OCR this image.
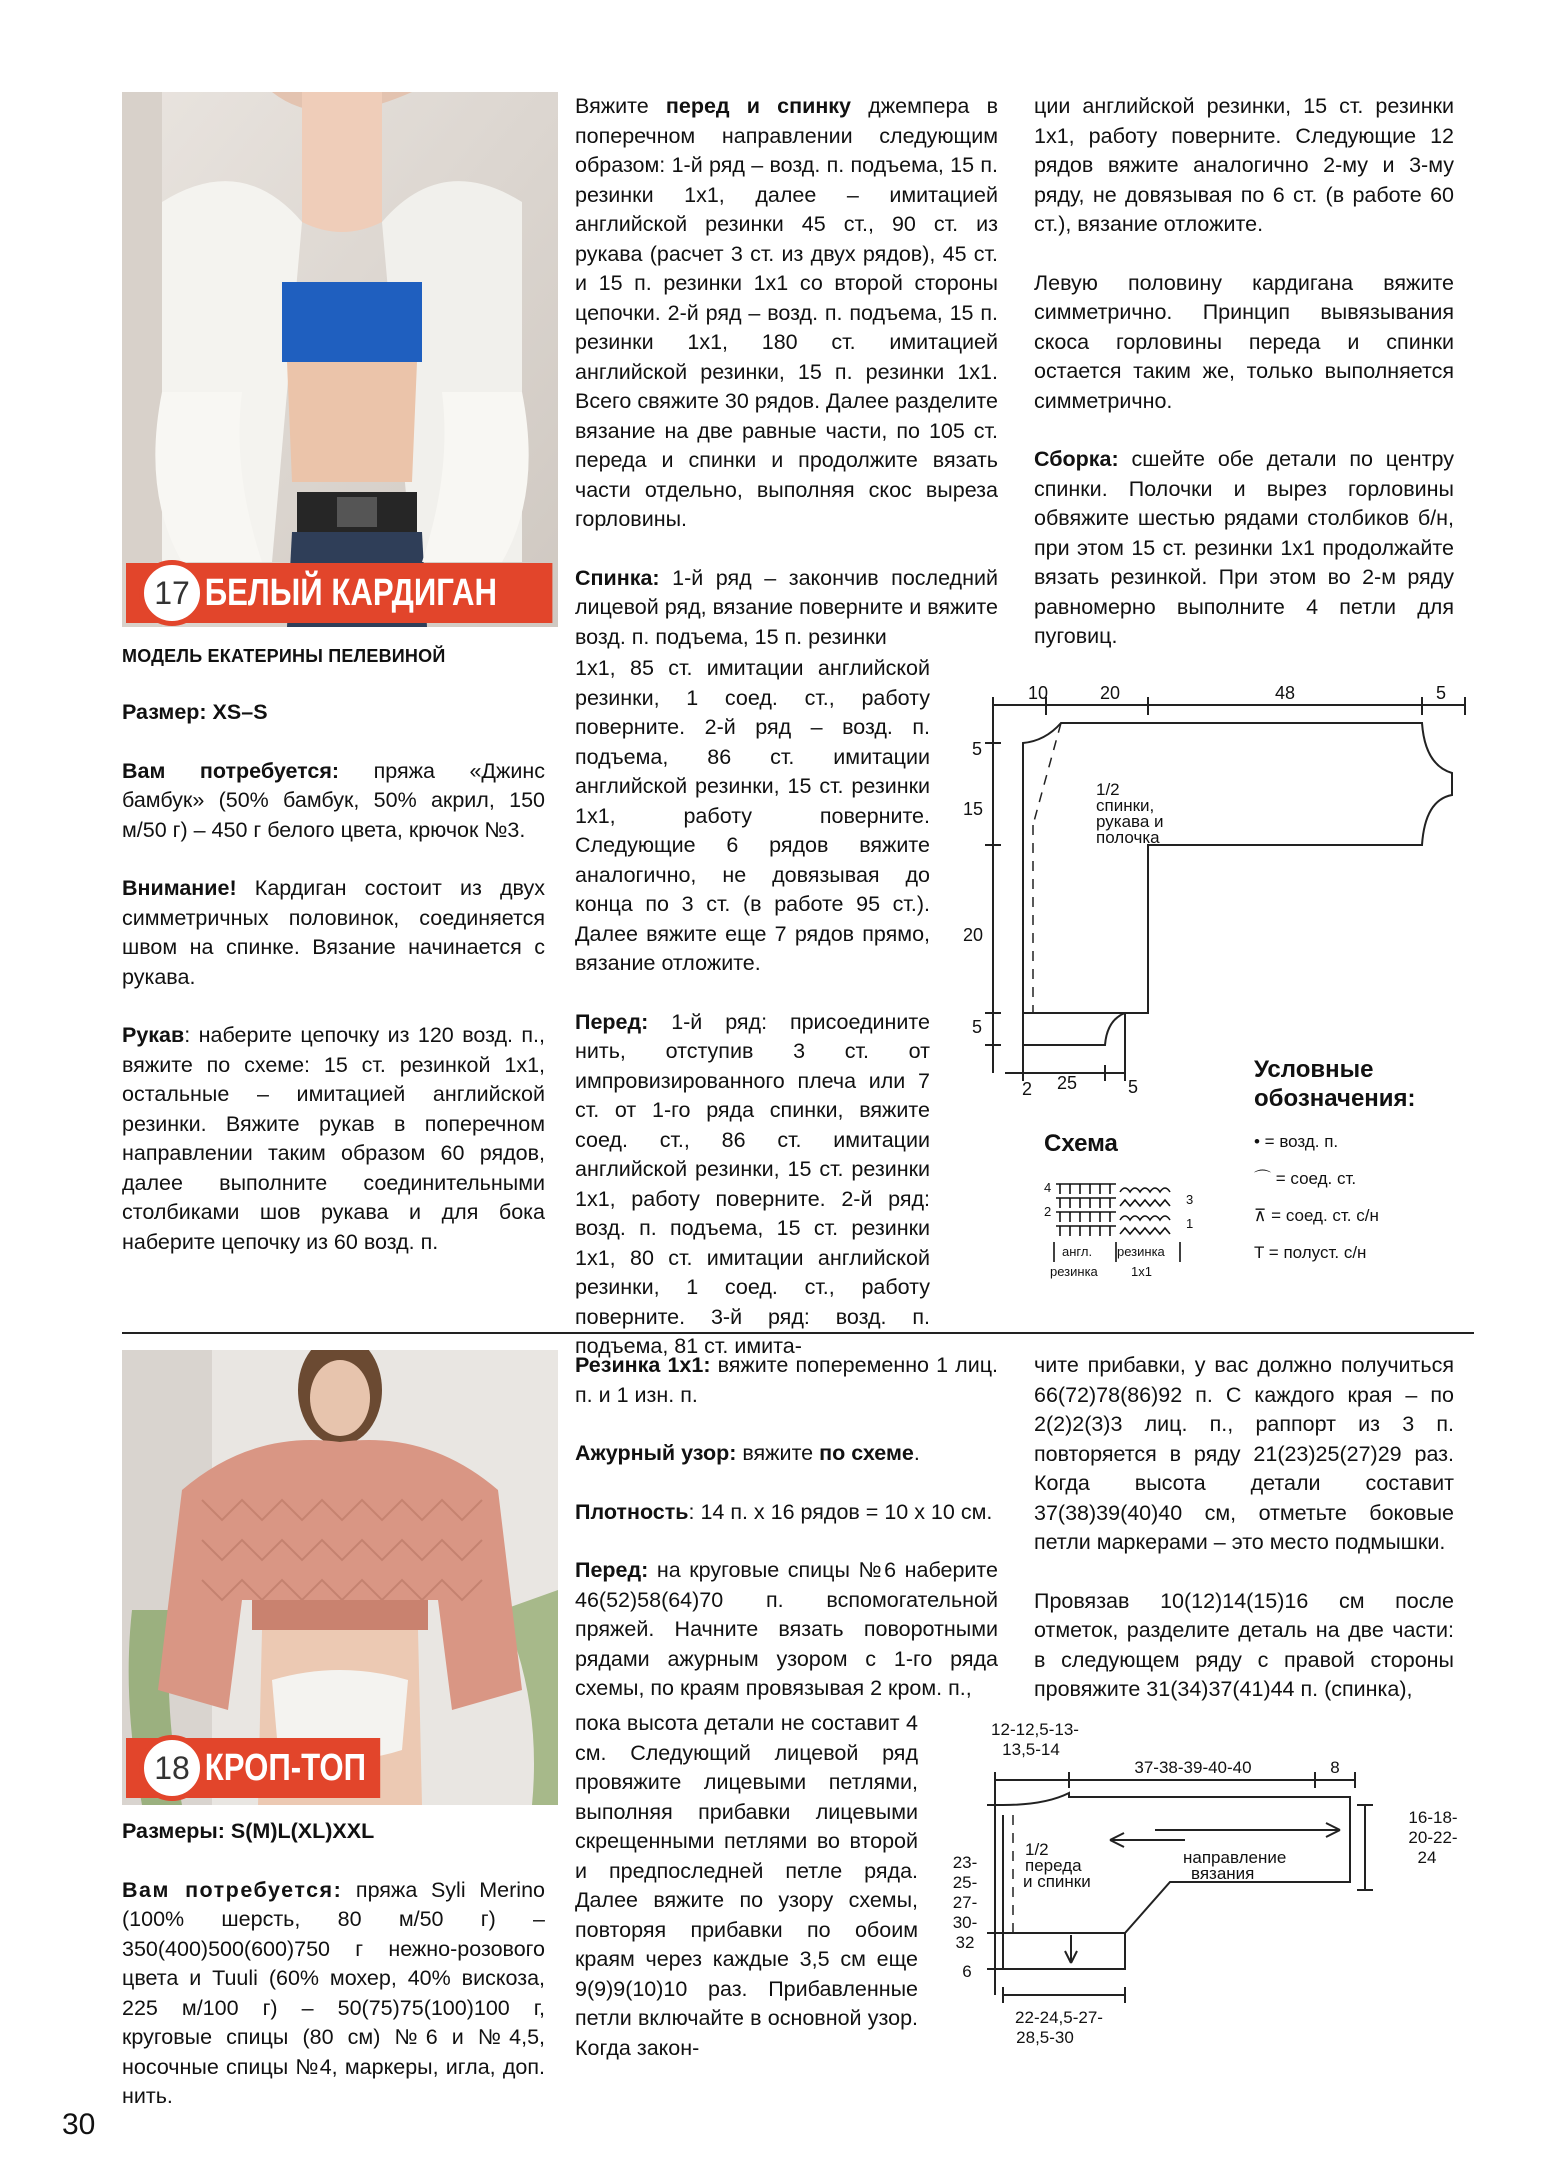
БЕЛЫЙ КАРДИГАН
17
МОДЕЛЬ ЕКАТЕРИНЫ ПЕЛЕВИНОЙ

Размер: XS–S

Вам потребуется: пряжа «Джинс бамбук» (50% бамбук, 50% акрил, 150 м/50 г) – 450 г белого цвета, крючок №3.

Внимание! Кардиган состоит из двух симметричных половинок, соединяется швом на спинке. Вязание начинается с рукава.

Рукав: наберите цепочку из 120 возд. п., вяжите по схеме: 15 ст. резинкой 1х1, остальные – имитацией английской резинки. Вяжите рукав в поперечном направлении таким образом 60 рядов, далее выполните соединительными столбиками шов рукава и для бока наберите цепочку из 60 возд. п.

Вяжите перед и спинку джемпера в поперечном направлении следующим образом: 1-й ряд – возд. п. подъема, 15 п. резинки 1х1, далее – имитацией английской резинки 45 ст., 90 ст. из рукава (расчет 3 ст. из двух рядов), 45 ст. и 15 п. резинки 1х1 со второй стороны цепочки. 2-й ряд – возд. п. подъема, 15 п. резинки 1х1, 180 ст. имитацией английской резинки, 15 п. резинки 1х1. Всего свяжите 30 рядов. Далее разделите вязание на две равные части, по 105 ст. переда и спинки и продолжите вязать части отдельно, выполняя скос выреза горловины.

Спинка: 1-й ряд – закончив последний лицевой ряд, вязание поверните и вяжите возд. п. подъема, 15 п. резинки

1х1, 85 ст. имитации английской резинки, 1 соед. ст., работу поверните. 2-й ряд – возд. п. подъема, 86 ст. имитации английской резинки, 15 ст. резинки 1х1, работу поверните. Следующие 6 рядов вяжите аналогично, не довязывая до конца по 3 ст. (в работе 95 ст.). Далее вяжите еще 7 рядов прямо, вязание отложите.

Перед: 1-й ряд: присоедините нить, отступив 3 ст. от импровизированного плеча или 7 ст. от 1-го ряда спинки, вяжите соед. ст., 86 ст. имитации английской резинки, 15 ст. резинки 1х1, работу поверните. 2-й ряд: возд. п. подъема, 15 ст. резинки 1х1, 80 ст. имитации английской резинки, 1 соед. ст., работу поверните. 3-й ряд: возд. п. подъема, 81 ст. имита-

ции английской резинки, 15 ст. резинки 1х1, работу поверните. Следующие 12 рядов вяжите аналогично 2-му и 3-му ряду, не довязывая по 6 ст. (в работе 60 ст.), вязание отложите.

Левую половину кардигана вяжите симметрично. Принцип вывязывания скоса горловины переда и спинки остается таким же, только выполняется симметрично.

Сборка: сшейте обе детали по центру спинки. Полочки и вырез горловины обвяжите шестью рядами столбиков б/н, при этом 15 ст. резинки 1х1 продолжайте вязать резинкой. При этом во 2-м ряду равномерно выполните 4 петли для пуговиц.

10	20	48	5
5
15
20
5
2 25	5
1/2
спинки,
рукава и
полочка
Условные
обозначения:
• = возд. п.
⌒ = соед. ст.
⊼ = соед. ст. с/н
T = полуст. с/н
Схема
4
3
2
1
англ. резинка
резинка	1х1
КРОП-ТОП
18

Размеры: S(M)L(XL)XXL

Вам потребуется: пряжа Syli Merino (100% шерсть, 80 м/50 г) – 350(400)500(600)750 г нежно-розового цвета и Tuuli (60% мохер, 40% вискоза, 225 м/100 г) – 50(75)75(100)100 г, круговые спицы (80 см) №6 и №4,5, носочные спицы №4, маркеры, игла, доп. нить.

Резинка 1х1: вяжите попеременно 1 лиц. п. и 1 изн. п.

Ажурный узор: вяжите по схеме.

Плотность: 14 п. х 16 рядов = 10 х 10 см.

Перед: на круговые спицы №6 наберите 46(52)58(64)70 п. вспомогательной пряжей. Начните вязать поворотными рядами ажурным узором с 1-го ряда схемы, по краям провязывая 2 кром. п.,

пока высота детали не составит 4 см. Следующий лицевой ряд провяжите лицевыми петлями, выполняя прибавки лицевыми скрещенными петлями во второй и предпоследней петле ряда. Далее вяжите по узору схемы, повторяя прибавки по обоим краям через каждые 3,5 см еще 9(9)9(10)10 раз. Прибавленные петли включайте в основной узор. Когда закон-

чите прибавки, у вас должно получиться 66(72)78(86)92 п. С каждого края – по 2(2)2(3)3 лиц. п., раппорт из 3 п. повторяется в ряду 21(23)25(27)29 раз. Когда высота детали составит 37(38)39(40)40 см, отметьте боковые петли маркерами – это место подмышки.

Провязав 10(12)14(15)16 см после отметок, разделите деталь на две части: в следующем ряду с правой стороны провяжите 31(34)37(41)44 п. (спинка),

12-12,5-13-
13,5-14
37-38-39-40-40	8
16-18-
20-22-
24
23-
25-
27-
30-
32
6
22-24,5-27-
28,5-30
1/2
переда
и спинки
направление
вязания
30
